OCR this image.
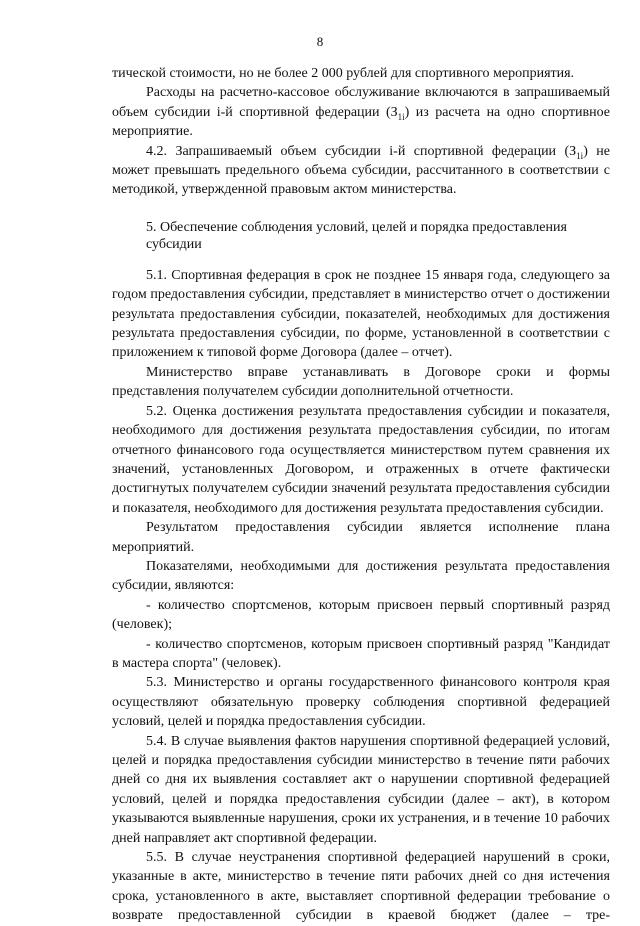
8

тической стоимости, но не более 2 000 рублей для спортивного мероприятия.

Расходы на расчетно-кассовое обслуживание включаются в запрашиваемый объем субсидии i-й спортивной федерации $(З_{1i})$ из расчета на одно спортивное мероприятие.

4.2. Запрашиваемый объем субсидии i-й спортивной федерации $(З_{1i})$ не может превышать предельного объема субсидии, рассчитанного в соответствии с методикой, утвержденной правовым актом министерства.

5. Обеспечение соблюдения условий, целей и порядка предоставления субсидии

5.1. Спортивная федерация в срок не позднее 15 января года, следующего за годом предоставления субсидии, представляет в министерство отчет о достижении результата предоставления субсидии, показателей, необходимых для достижения результата предоставления субсидии, по форме, установленной в соответствии с приложением к типовой форме Договора (далее – отчет).

Министерство вправе устанавливать в Договоре сроки и формы представления получателем субсидии дополнительной отчетности.

5.2. Оценка достижения результата предоставления субсидии и показателя, необходимого для достижения результата предоставления субсидии, по итогам отчетного финансового года осуществляется министерством путем сравнения их значений, установленных Договором, и отраженных в отчете фактически достигнутых получателем субсидии значений результата предоставления субсидии и показателя, необходимого для достижения результата предоставления субсидии.

Результатом предоставления субсидии является исполнение плана мероприятий.

Показателями, необходимыми для достижения результата предоставления субсидии, являются:

- количество спортсменов, которым присвоен первый спортивный разряд (человек);

- количество спортсменов, которым присвоен спортивный разряд "Кандидат в мастера спорта" (человек).

5.3. Министерство и органы государственного финансового контроля края осуществляют обязательную проверку соблюдения спортивной федерацией условий, целей и порядка предоставления субсидии.

5.4. В случае выявления фактов нарушения спортивной федерацией условий, целей и порядка предоставления субсидии министерство в течение пяти рабочих дней со дня их выявления составляет акт о нарушении спортивной федерацией условий, целей и порядка предоставления субсидии (далее – акт), в котором указываются выявленные нарушения, сроки их устранения, и в течение 10 рабочих дней направляет акт спортивной федерации.

5.5. В случае неустранения спортивной федерацией нарушений в сроки, указанные в акте, министерство в течение пяти рабочих дней со дня истечения срока, установленного в акте, выставляет спортивной федерации требование о возврате предоставленной субсидии в краевой бюджет (далее – тре-
